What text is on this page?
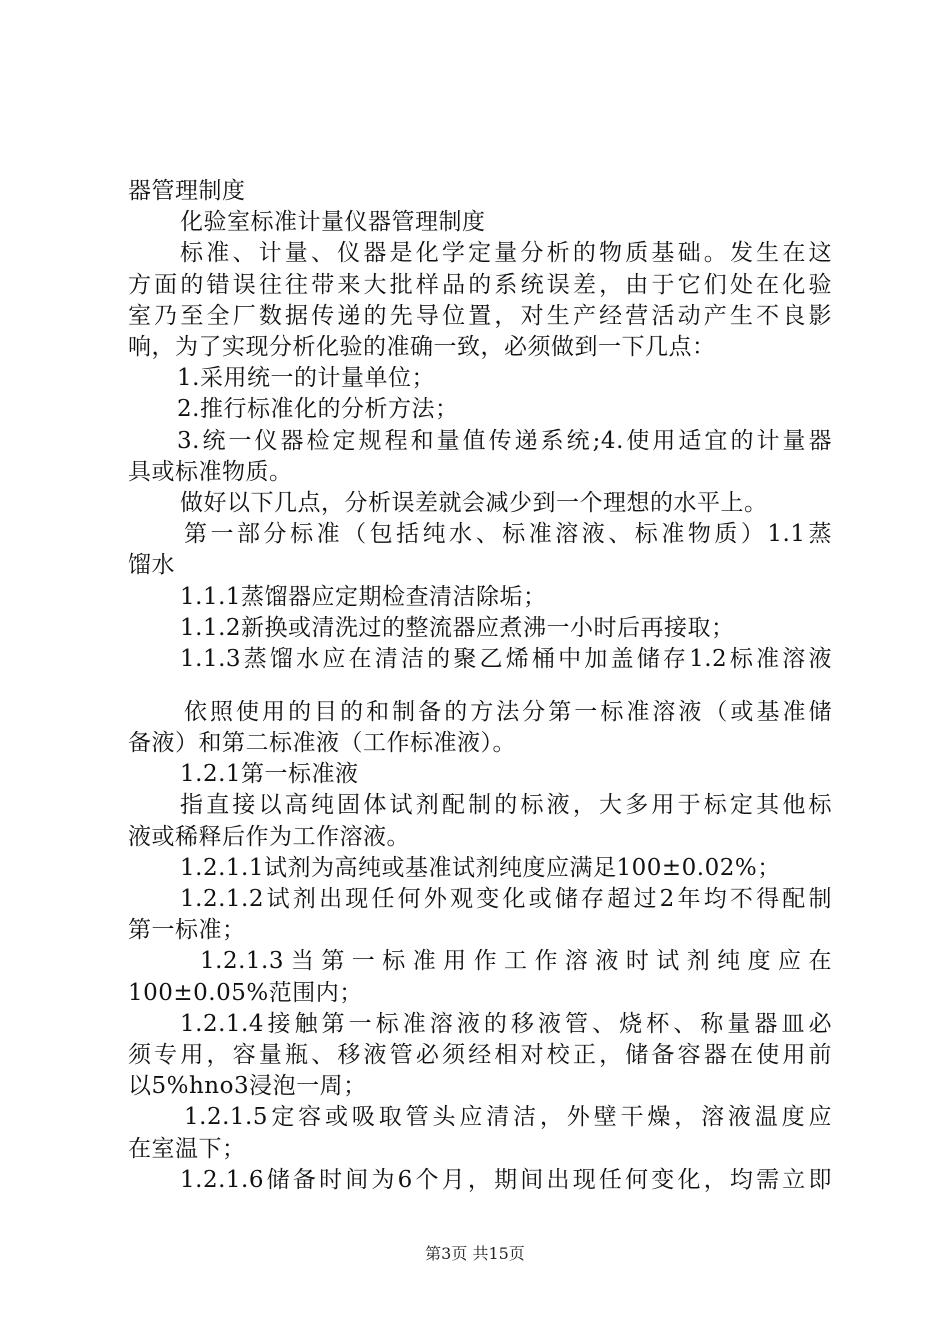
器管理制度
化验室标准计量仪器管理制度
标准、计量、仪器是化学定量分析的物质基础。发生在这
方面的错误往往带来大批样品的系统误差，由于它们处在化验
室乃至全厂数据传递的先导位置，对生产经营活动产生不良影
响，为了实现分析化验的准确一致，必须做到一下几点：
1.采用统一的计量单位；
2.推行标准化的分析方法；
3.统一仪器检定规程和量值传递系统;4.使用适宜的计量器
具或标准物质。
做好以下几点，分析误差就会减少到一个理想的水平上。
第一部分标准（包括纯水、标准溶液、标准物质）1.1蒸
馏水
1.1.1蒸馏器应定期检查清洁除垢；
1.1.2新换或清洗过的整流器应煮沸一小时后再接取；
1.1.3蒸馏水应在清洁的聚乙烯桶中加盖储存1.2标准溶液
依照使用的目的和制备的方法分第一标准溶液（或基准储
备液）和第二标准液（工作标准液）。
1.2.1第一标准液
指直接以高纯固体试剂配制的标液，大多用于标定其他标
液或稀释后作为工作溶液。
1.2.1.1试剂为高纯或基准试剂纯度应满足100±0.02%；
1.2.1.2试剂出现任何外观变化或储存超过2年均不得配制
第一标准；
1.2.1.3当第一标准用作工作溶液时试剂纯度应在
100±0.05%范围内；
1.2.1.4接触第一标准溶液的移液管、烧杯、称量器皿必
须专用，容量瓶、移液管必须经相对校正，储备容器在使用前
以5%hno3浸泡一周；
1.2.1.5定容或吸取管头应清洁，外壁干燥，溶液温度应
在室温下；
1.2.1.6储备时间为6个月，期间出现任何变化，均需立即
第3页 共15页
